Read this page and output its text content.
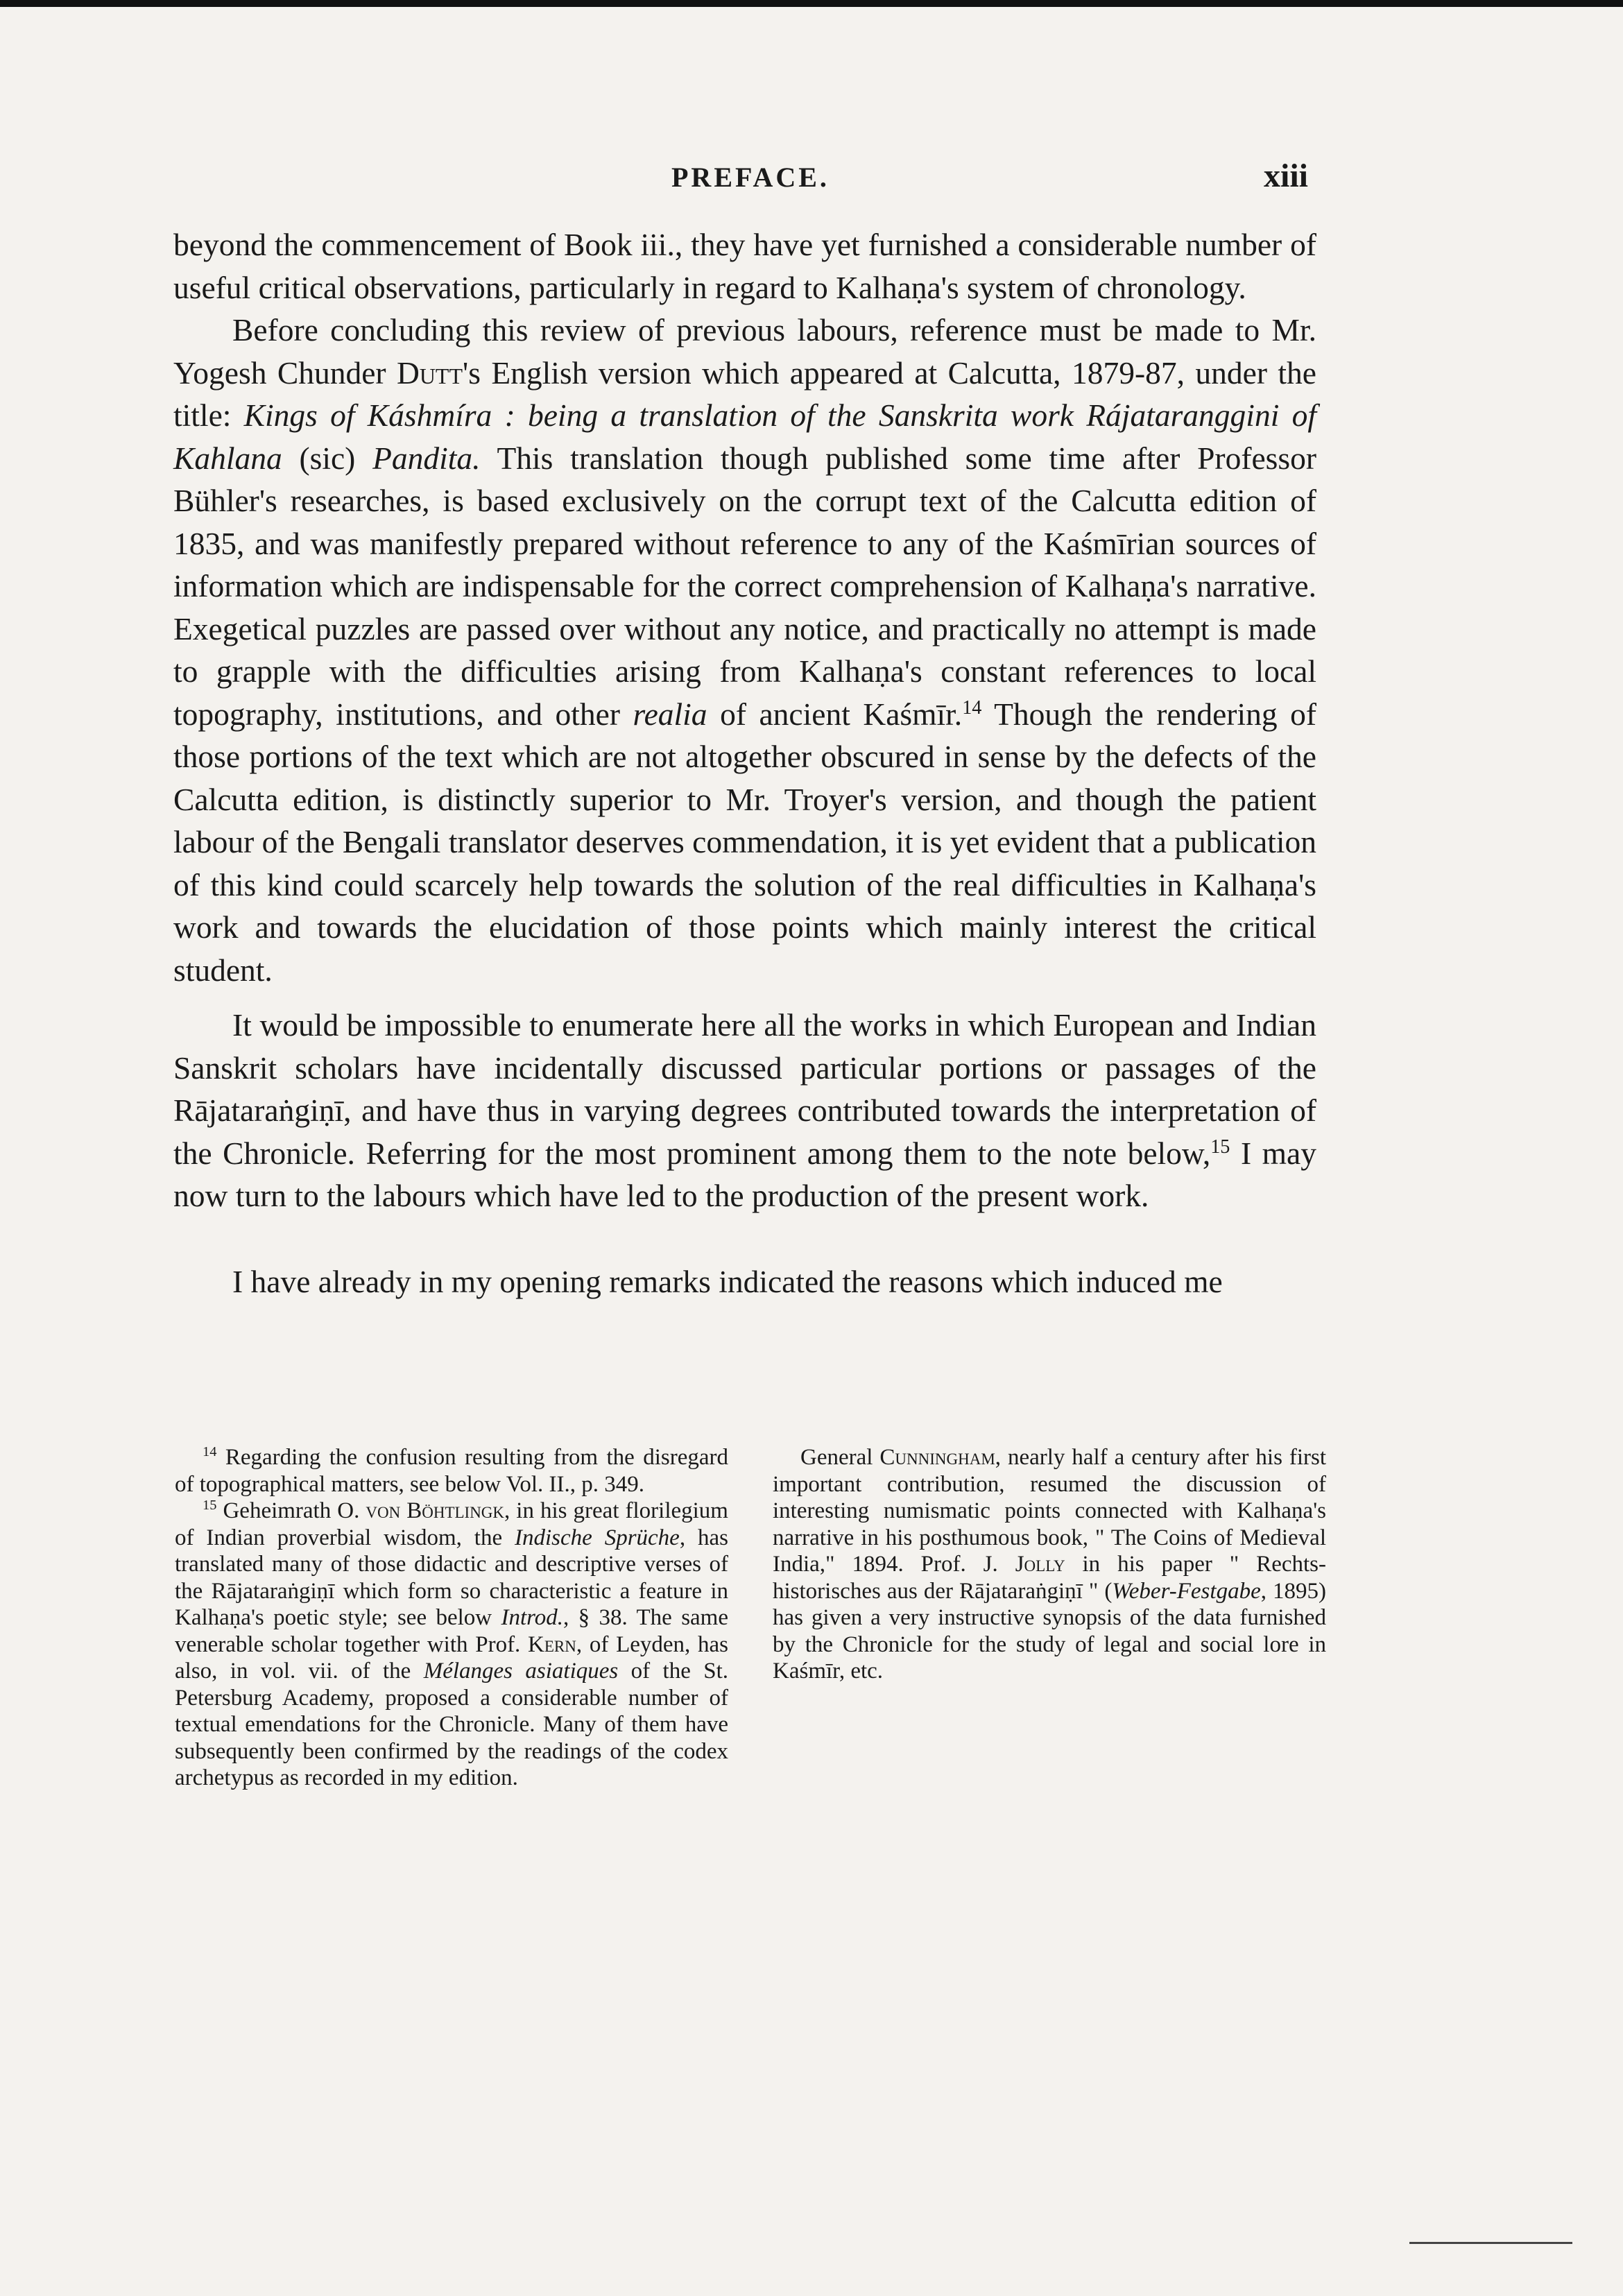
PREFACE.	xiii

beyond the commencement of Book iii., they have yet furnished a considerable number of useful critical observations, particularly in regard to Kalhaṇa's system of chronology.

Before concluding this review of previous labours, reference must be made to Mr. Yogesh Chunder Dutt's English version which appeared at Calcutta, 1879-87, under the title: Kings of Káshmíra : being a translation of the Sanskrita work Rájataranggini of Kahlana (sic) Pandita. This translation though published some time after Professor Bühler's researches, is based exclusively on the corrupt text of the Calcutta edition of 1835, and was manifestly prepared without reference to any of the Kaśmīrian sources of information which are indispensable for the correct comprehension of Kalhaṇa's narrative. Exegetical puzzles are passed over without any notice, and practically no attempt is made to grapple with the difficulties arising from Kalhaṇa's constant references to local topography, institutions, and other realia of ancient Kaśmīr.$^{14}$ Though the rendering of those portions of the text which are not altogether obscured in sense by the defects of the Calcutta edition, is distinctly superior to Mr. Troyer's version, and though the patient labour of the Bengali translator deserves commendation, it is yet evident that a publication of this kind could scarcely help towards the solution of the real difficulties in Kalhaṇa's work and towards the elucidation of those points which mainly interest the critical student.

It would be impossible to enumerate here all the works in which European and Indian Sanskrit scholars have incidentally discussed particular portions or passages of the Rājataraṅgiṇī, and have thus in varying degrees contributed towards the interpretation of the Chronicle. Referring for the most prominent among them to the note below,$^{15}$ I may now turn to the labours which have led to the production of the present work.

I have already in my opening remarks indicated the reasons which induced me

$^{14}$ Regarding the confusion resulting from the disregard of topographical matters, see below Vol. II., p. 349.

$^{15}$ Geheimrath O. von Böhtlingk, in his great florilegium of Indian proverbial wisdom, the Indische Sprüche, has translated many of those didactic and descriptive verses of the Rājataraṅgiṇī which form so characteristic a feature in Kalhaṇa's poetic style; see below Introd., § 38. The same venerable scholar together with Prof. Kern, of Leyden, has also, in vol. vii. of the Mélanges asiatiques of the St. Petersburg Academy, proposed a considerable number of textual emendations for the Chronicle. Many of them have subsequently been confirmed by the readings of the codex archetypus as recorded in my edition.

General Cunningham, nearly half a century after his first important contribution, resumed the discussion of interesting numismatic points connected with Kalhaṇa's narrative in his posthumous book, " The Coins of Medieval India," 1894. Prof. J. Jolly in his paper " Rechts-historisches aus der Rājataraṅgiṇī " (Weber-Festgabe, 1895) has given a very instructive synopsis of the data furnished by the Chronicle for the study of legal and social lore in Kaśmīr, etc.
